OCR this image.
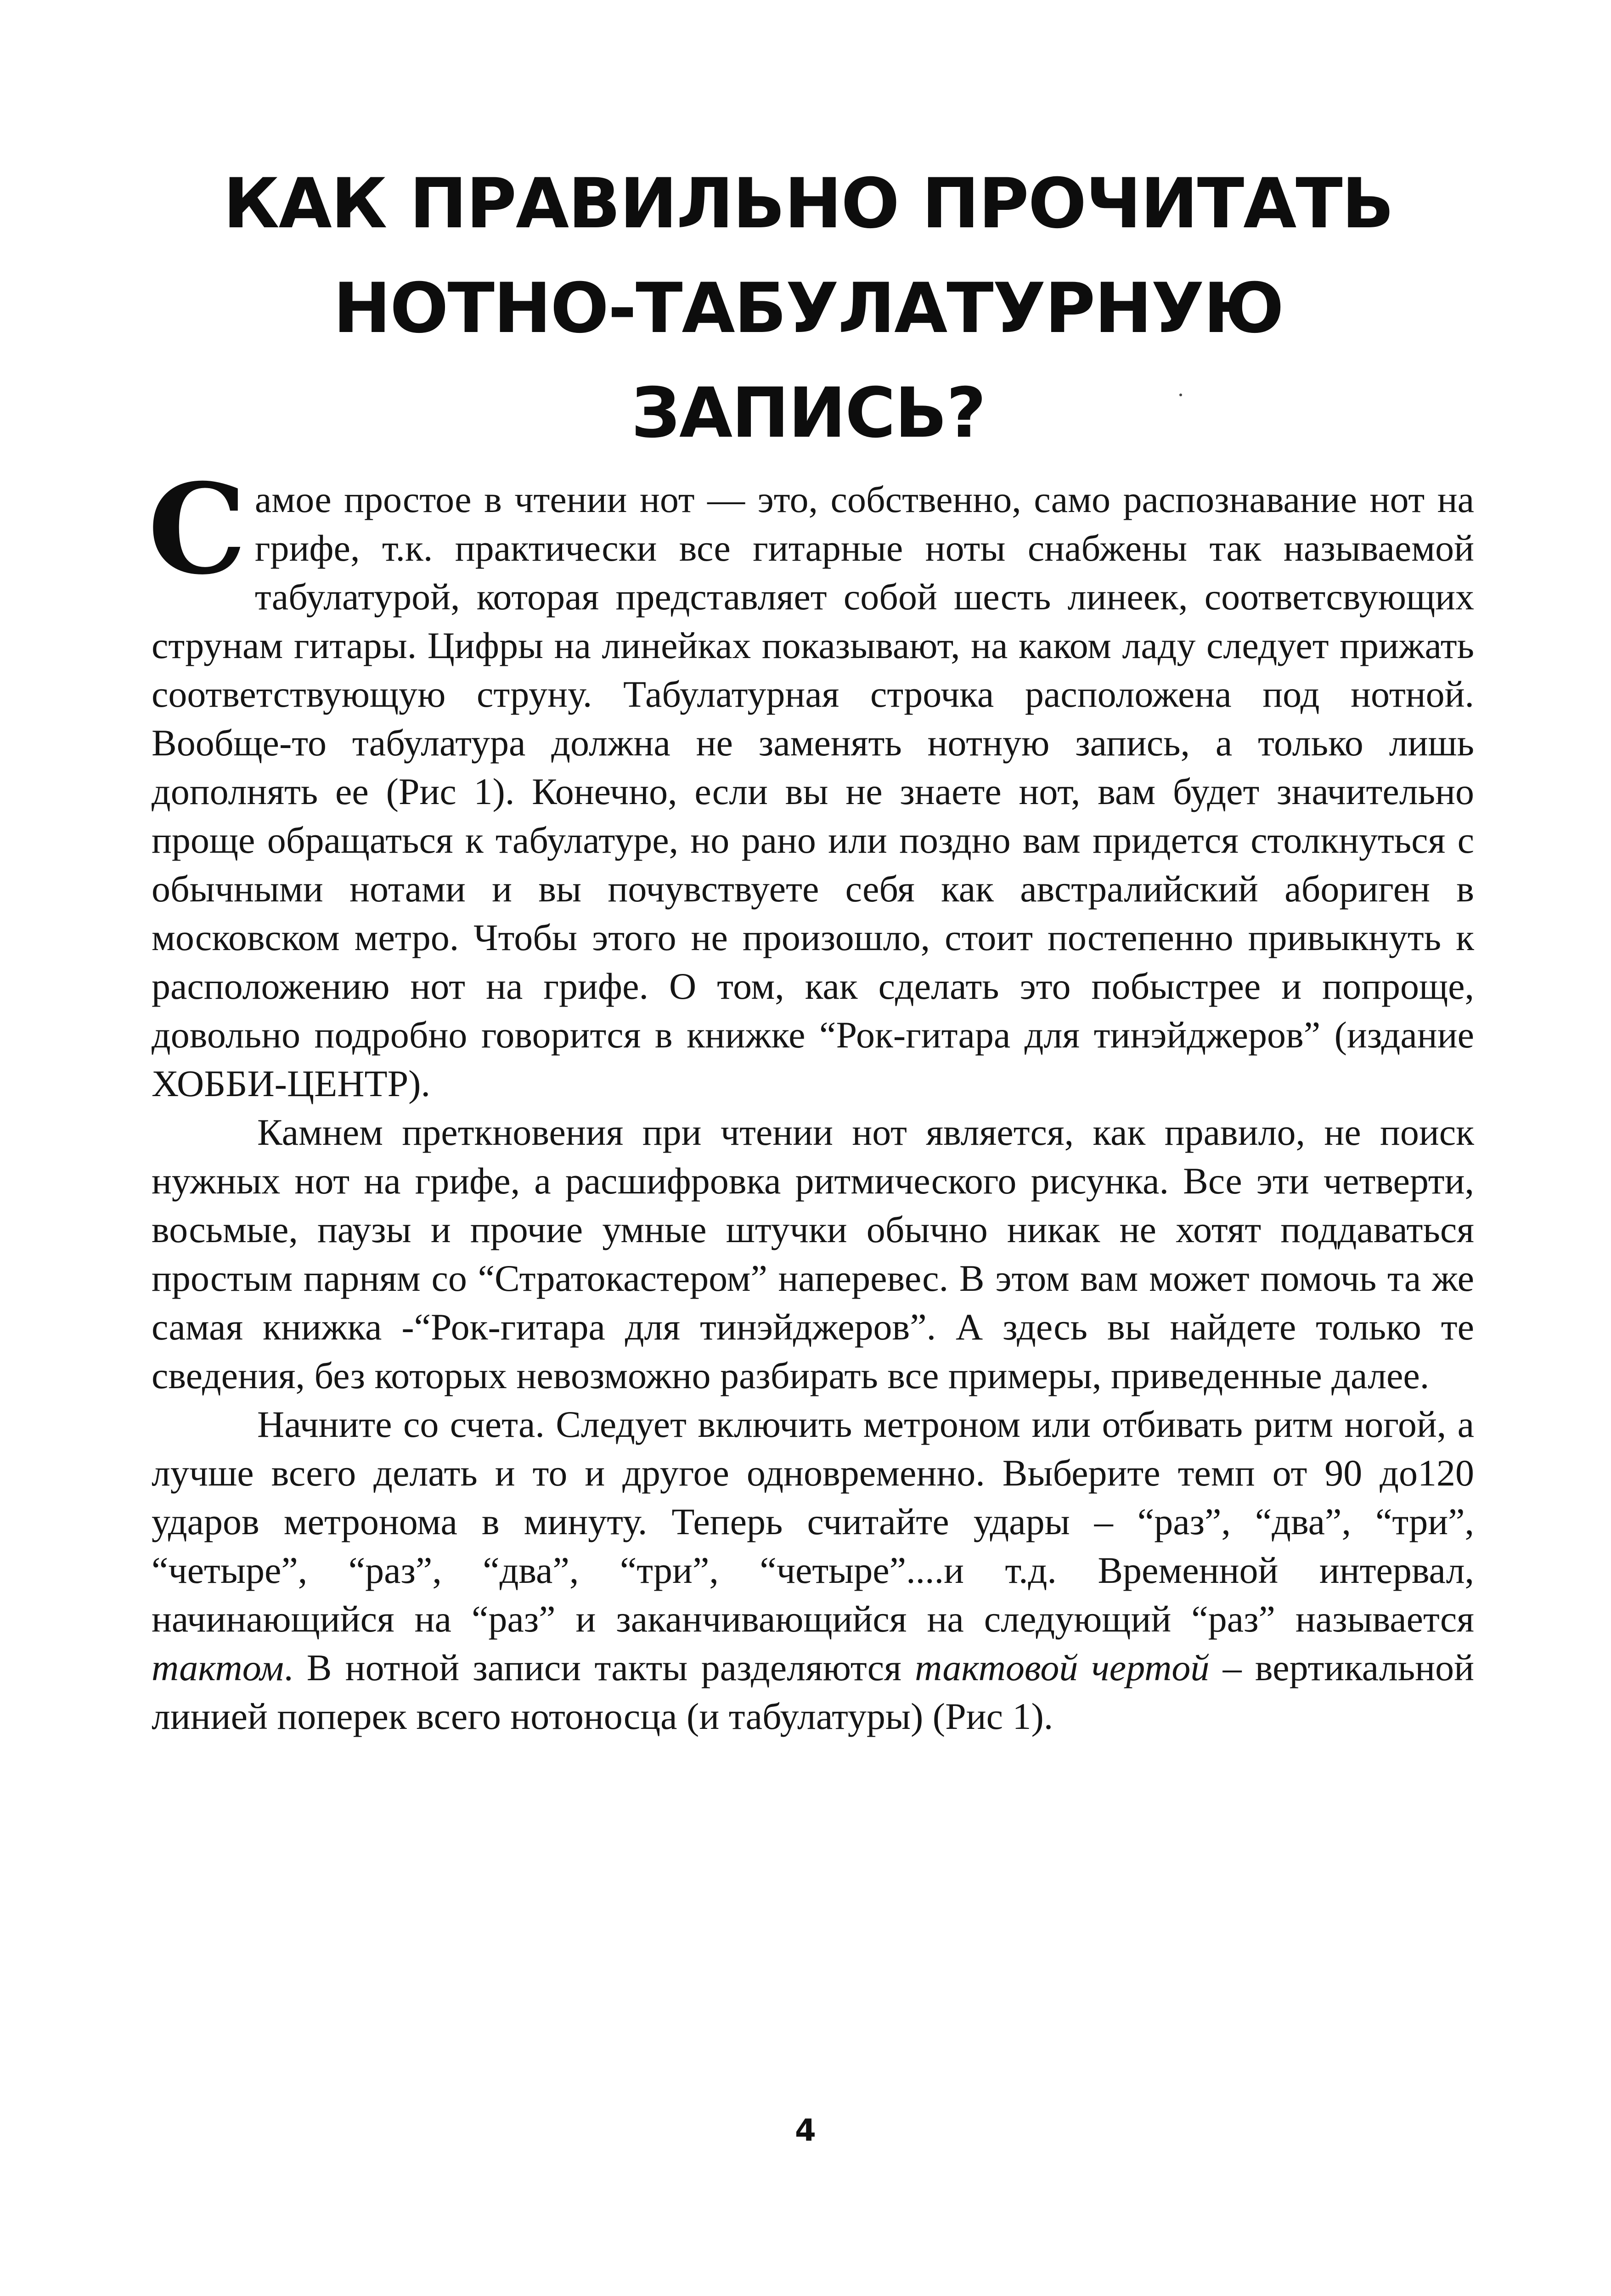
КАК ПРАВИЛЬНО ПРОЧИТАТЬ
НОТНО-ТАБУЛАТУРНУЮ
ЗАПИСЬ?

Самое простое в чтении нот — это, собственно, само распознавание нот на грифе, т.к. практически все гитарные ноты снабжены так называемой табулатурой, которая представляет собой шесть линеек, соответсвующих струнам гитары. Цифры на линейках показывают, на каком ладу следует прижать соответствующую струну. Табулатурная строчка расположена под нотной. Вообще-то табулатура должна не заменять нотную запись, а только лишь дополнять ее (Рис 1). Конечно, если вы не знаете нот, вам будет значительно проще обращаться к табулатуре, но рано или поздно вам придется столкнуться с обычными нотами и вы почувствуете себя как австралийский абориген в московском метро. Чтобы этого не произошло, стоит постепенно привыкнуть к расположению нот на грифе. О том, как сделать это побыстрее и попроще, довольно подробно говорится в книжке “Рок-гитара для тинэйджеров” (издание ХОББИ-ЦЕНТР).

Камнем преткновения при чтении нот является, как правило, не поиск нужных нот на грифе, а расшифровка ритмического рисунка. Все эти четверти, восьмые, паузы и прочие умные штучки обычно никак не хотят поддаваться простым парням со “Стратокастером” наперевес. В этом вам может помочь та же самая книжка -“Рок-гитара для тинэйджеров”. А здесь вы найдете только те сведения, без которых невозможно разбирать все примеры, приведенные далее.

Начните со счета. Следует включить метроном или отбивать ритм ногой, а лучше всего делать и то и другое одновременно. Выберите темп от 90 до120 ударов метронома в минуту. Теперь считайте удары – “раз”, “два”, “три”, “четыре”, “раз”, “два”, “три”, “четыре”....и т.д. Временной интервал, начинающийся на “раз” и заканчивающийся на следующий “раз” называется тактом. В нотной записи такты разделяются тактовой чертой – вертикальной линией поперек всего нотоносца (и табулатуры) (Рис 1).

4
